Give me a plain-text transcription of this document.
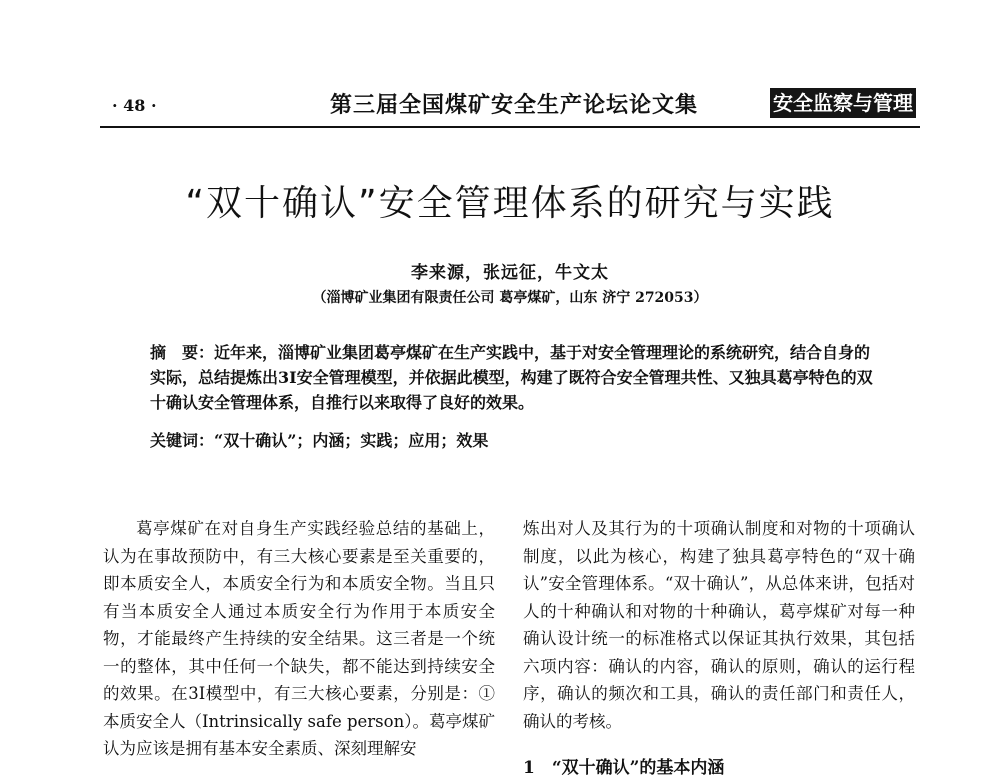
· 48 ·	第三届全国煤矿安全生产论坛论文集	安全监察与管理
“双十确认”安全管理体系的研究与实践
李来源，张远征，牛文太
（淄博矿业集团有限责任公司 葛亭煤矿，山东 济宁 272053）
摘　要：近年来，淄博矿业集团葛亭煤矿在生产实践中，基于对安全管理理论的系统研究，结合自身的实际，总结提炼出3I安全管理模型，并依据此模型，构建了既符合安全管理共性、又独具葛亭特色的双十确认安全管理体系，自推行以来取得了良好的效果。
关键词：“双十确认”；内涵；实践；应用；效果

葛亭煤矿在对自身生产实践经验总结的基础上，认为在事故预防中，有三大核心要素是至关重要的，即本质安全人，本质安全行为和本质安全物。当且只有当本质安全人通过本质安全行为作用于本质安全物，才能最终产生持续的安全结果。这三者是一个统一的整体，其中任何一个缺失，都不能达到持续安全的效果。在3I模型中，有三大核心要素，分别是：①本质安全人（Intrinsically safe person）。葛亭煤矿认为应该是拥有基本安全素质、深刻理解安

炼出对人及其行为的十项确认制度和对物的十项确认制度，以此为核心，构建了独具葛亭特色的“双十确认”安全管理体系。“双十确认”，从总体来讲，包括对人的十种确认和对物的十种确认，葛亭煤矿对每一种确认设计统一的标准格式以保证其执行效果，其包括六项内容：确认的内容，确认的原则，确认的运行程序，确认的频次和工具，确认的责任部门和责任人，确认的考核。

1　“双十确认”的基本内涵
